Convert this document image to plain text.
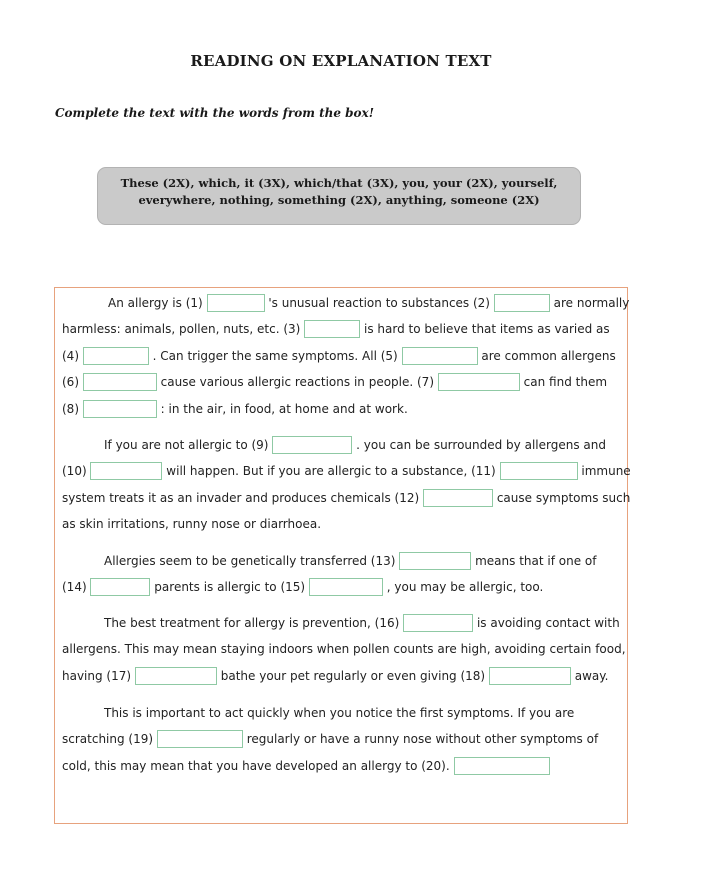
READING ON EXPLANATION TEXT
Complete the text with the words from the box!
These (2X), which, it (3X), which/that (3X), you, your (2X), yourself,
everywhere, nothing, something (2X), anything, someone (2X)
An allergy is (1)	's unusual reaction to substances (2)	are normally
harmless: animals, pollen, nuts, etc. (3)	is hard to believe that items as varied as
(4)	. Can trigger the same symptoms. All (5)	are common allergens
(6)	cause various allergic reactions in people. (7)	can find them
(8)	: in the air, in food, at home and at work.
If you are not allergic to (9)	. you can be surrounded by allergens and
(10)	will happen. But if you are allergic to a substance, (11)	immune
system treats it as an invader and produces chemicals (12)	cause symptoms such
as skin irritations, runny nose or diarrhoea.
Allergies seem to be genetically transferred (13)	means that if one of
(14)	parents is allergic to (15)	, you may be allergic, too.
The best treatment for allergy is prevention, (16)	is avoiding contact with
allergens. This may mean staying indoors when pollen counts are high, avoiding certain food,
having (17)	bathe your pet regularly or even giving (18)	away.
This is important to act quickly when you notice the first symptoms. If you are
scratching (19)	regularly or have a runny nose without other symptoms of
cold, this may mean that you have developed an allergy to (20).
